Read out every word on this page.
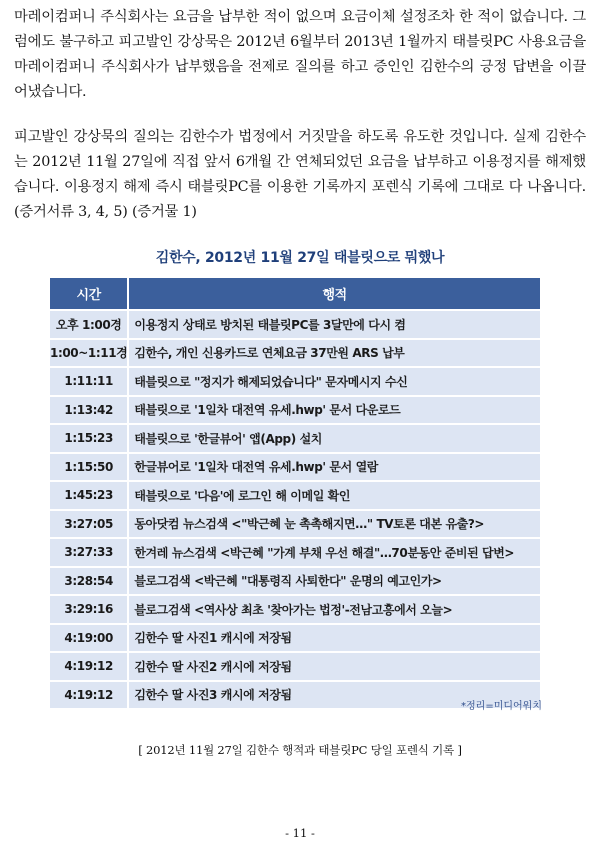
마레이컴퍼니 주식회사는 요금을 납부한 적이 없으며 요금이체 설정조차 한 적이 없습니다. 그럼에도 불구하고 피고발인 강상묵은 2012년 6월부터 2013년 1월까지 태블릿PC 사용요금을 마레이컴퍼니 주식회사가 납부했음을 전제로 질의를 하고 증인인 김한수의 긍정 답변을 이끌어냈습니다.

피고발인 강상묵의 질의는 김한수가 법정에서 거짓말을 하도록 유도한 것입니다. 실제 김한수는 2012년 11월 27일에 직접 앞서 6개월 간 연체되었던 요금을 납부하고 이용정지를 해제했습니다. 이용정지 해제 즉시 태블릿PC를 이용한 기록까지 포렌식 기록에 그대로 다 나옵니다. (증거서류 3, 4, 5) (증거물 1)

김한수, 2012년 11월 27일 태블릿으로 뭐했나
시간	행적
오후 1:00경	이용정지 상태로 방치된 태블릿PC를 3달만에 다시 켬
1:00~1:11경	김한수, 개인 신용카드로 연체요금 37만원 ARS 납부
1:11:11	태블릿으로 "정지가 해제되었습니다" 문자메시지 수신
1:13:42	태블릿으로 '1일차 대전역 유세.hwp' 문서 다운로드
1:15:23	태블릿으로 '한글뷰어' 앱(App) 설치
1:15:50	한글뷰어로 '1일차 대전역 유세.hwp' 문서 열람
1:45:23	태블릿으로 '다음'에 로그인 해 이메일 확인
3:27:05	동아닷컴 뉴스검색 <"박근혜 눈 촉촉해지면…" TV토론 대본 유출?>
3:27:33	한겨레 뉴스검색 <박근혜 "가계 부채 우선 해결"…70분동안 준비된 답변>
3:28:54	블로그검색 <박근혜 "대통령직 사퇴한다" 운명의 예고인가>
3:29:16	블로그검색 <역사상 최초 '찾아가는 법정'-전남고흥에서 오늘>
4:19:00	김한수 딸 사진1 캐시에 저장됨
4:19:12	김한수 딸 사진2 캐시에 저장됨
4:19:12	김한수 딸 사진3 캐시에 저장됨
*정리=미디어워치
[ 2012년 11월 27일 김한수 행적과 태블릿PC 당일 포렌식 기록 ]
- 11 -
